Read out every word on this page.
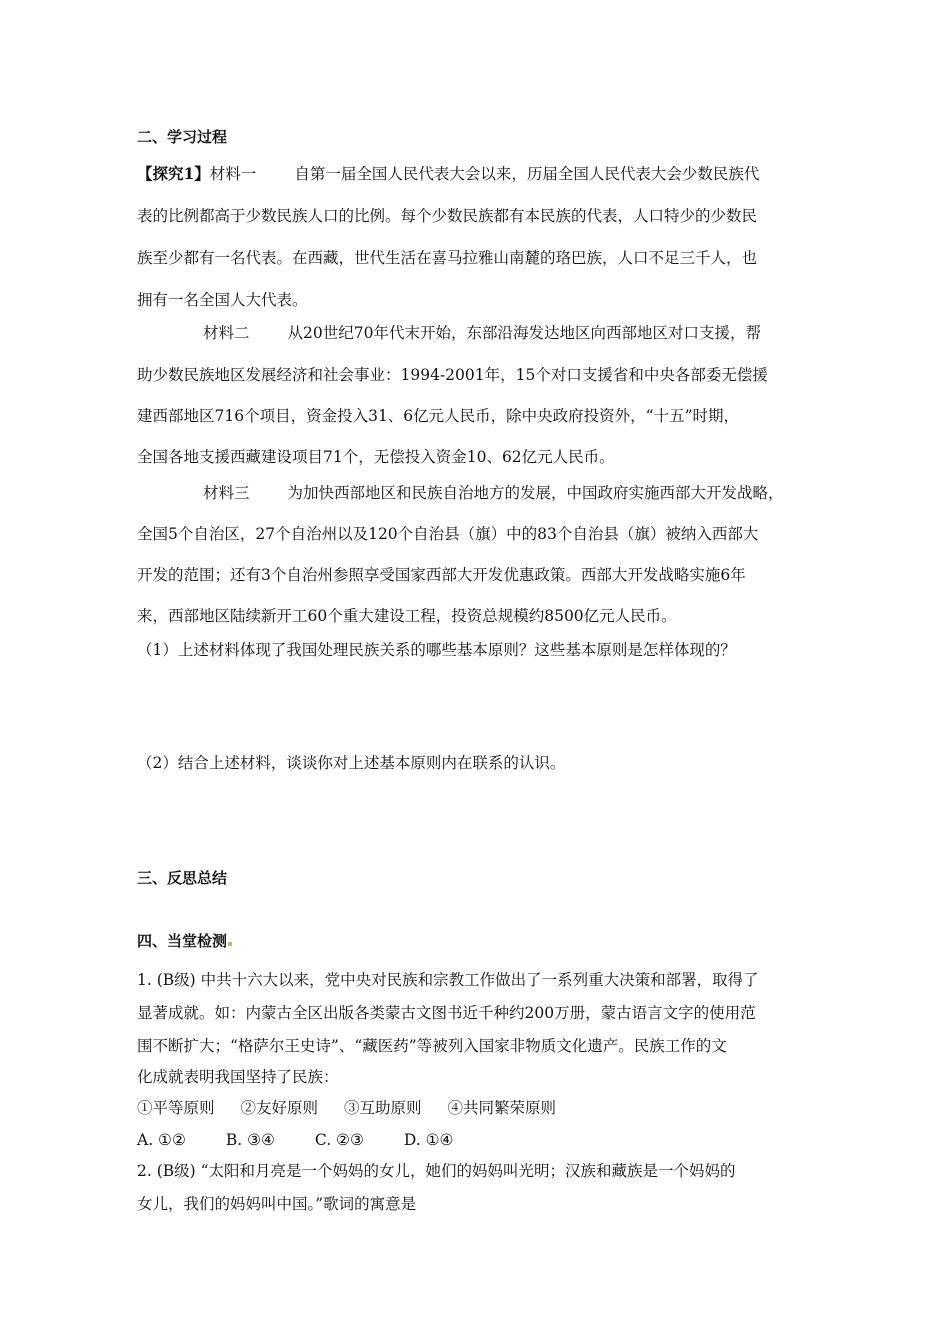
二、学习过程
【探究1】材料一 自第一届全国人民代表大会以来，历届全国人民代表大会少数民族代
表的比例都高于少数民族人口的比例。每个少数民族都有本民族的代表，人口特少的少数民
族至少都有一名代表。在西藏，世代生活在喜马拉雅山南麓的珞巴族，人口不足三千人，也
拥有一名全国人大代表。
材料二 从20世纪70年代末开始，东部沿海发达地区向西部地区对口支援，帮
助少数民族地区发展经济和社会事业：1994-2001年，15个对口支援省和中央各部委无偿援
建西部地区716个项目，资金投入31、6亿元人民币，除中央政府投资外，“十五”时期，
全国各地支援西藏建设项目71个，无偿投入资金10、62亿元人民币。
材料三 为加快西部地区和民族自治地方的发展，中国政府实施西部大开发战略，
全国5个自治区，27个自治州以及120个自治县（旗）中的83个自治县（旗）被纳入西部大
开发的范围；还有3个自治州参照享受国家西部大开发优惠政策。西部大开发战略实施6年
来，西部地区陆续新开工60个重大建设工程，投资总规模约8500亿元人民币。
（1）上述材料体现了我国处理民族关系的哪些基本原则？这些基本原则是怎样体现的？
（2）结合上述材料，谈谈你对上述基本原则内在联系的认识。
三、反思总结
四、当堂检测
1. (B级) 中共十六大以来，党中央对民族和宗教工作做出了一系列重大决策和部署，取得了
显著成就。如：内蒙古全区出版各类蒙古文图书近千种约200万册，蒙古语言文字的使用范
围不断扩大；“格萨尔王史诗”、“藏医药”等被列入国家非物质文化遗产。民族工作的文
化成就表明我国坚持了民族：
①平等原则 ②友好原则 ③互助原则 ④共同繁荣原则
A. ①②	B. ③④	C. ②③	D. ①④
2. (B级) “太阳和月亮是一个妈妈的女儿，她们的妈妈叫光明；汉族和藏族是一个妈妈的
女儿，我们的妈妈叫中国。”歌词的寓意是
